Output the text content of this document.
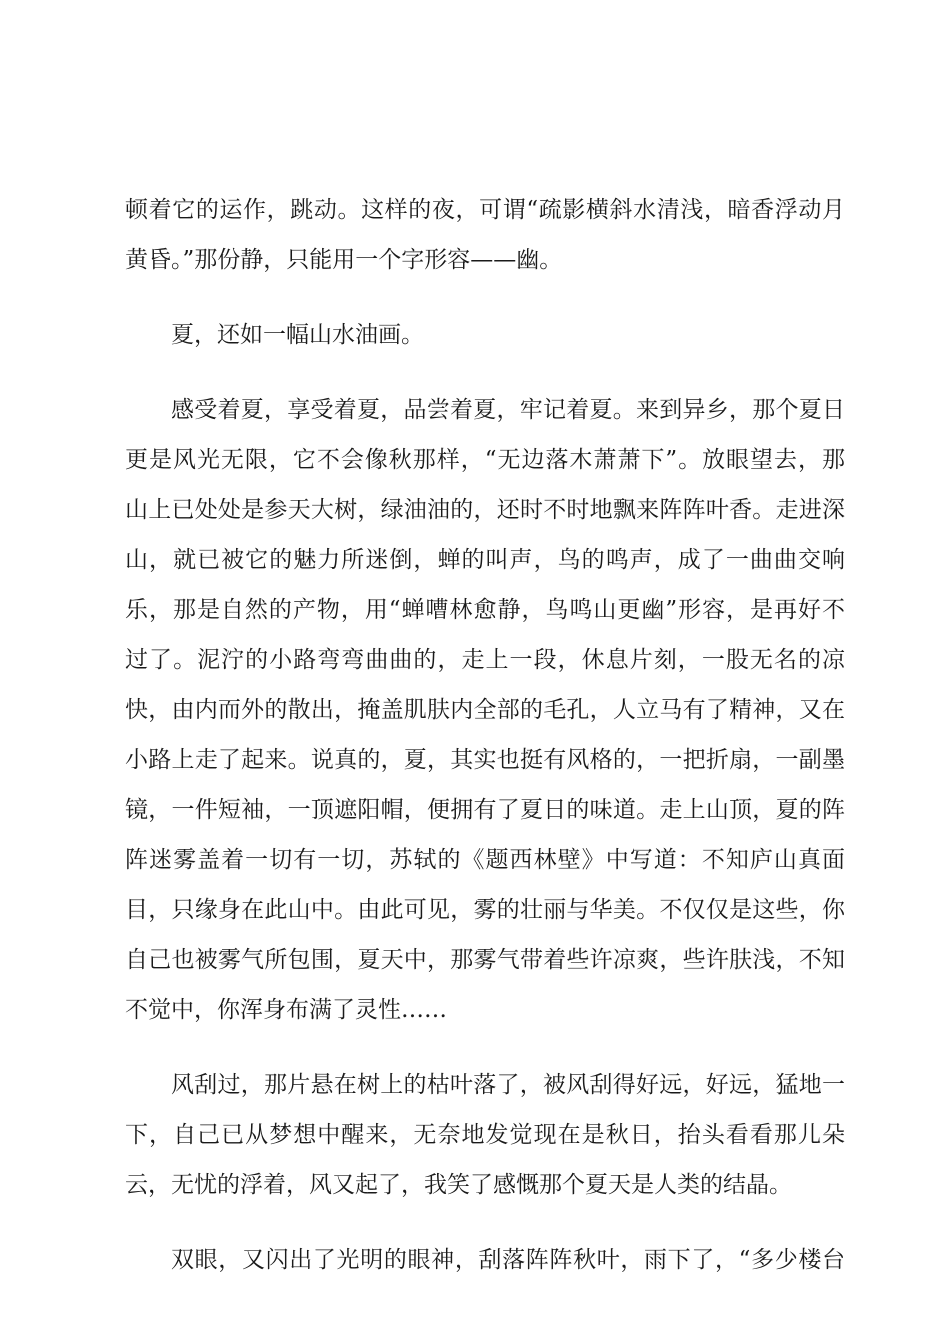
顿着它的运作，跳动。这样的夜，可谓“疏影横斜水清浅，暗香浮动月
黄昏。”那份静，只能用一个字形容——幽。
夏，还如一幅山水油画。
感受着夏，享受着夏，品尝着夏，牢记着夏。来到异乡，那个夏日
更是风光无限，它不会像秋那样，“无边落木萧萧下”。放眼望去，那
山上已处处是参天大树，绿油油的，还时不时地飘来阵阵叶香。走进深
山，就已被它的魅力所迷倒，蝉的叫声，鸟的鸣声，成了一曲曲交响
乐，那是自然的产物，用“蝉嘈林愈静，鸟鸣山更幽”形容，是再好不
过了。泥泞的小路弯弯曲曲的，走上一段，休息片刻，一股无名的凉
快，由内而外的散出，掩盖肌肤内全部的毛孔，人立马有了精神，又在
小路上走了起来。说真的，夏，其实也挺有风格的，一把折扇，一副墨
镜，一件短袖，一顶遮阳帽，便拥有了夏日的味道。走上山顶，夏的阵
阵迷雾盖着一切有一切，苏轼的《题西林壁》中写道：不知庐山真面
目，只缘身在此山中。由此可见，雾的壮丽与华美。不仅仅是这些，你
自己也被雾气所包围，夏天中，那雾气带着些许凉爽，些许肤浅，不知
不觉中，你浑身布满了灵性……
风刮过，那片悬在树上的枯叶落了，被风刮得好远，好远，猛地一
下，自己已从梦想中醒来，无奈地发觉现在是秋日，抬头看看那儿朵
云，无忧的浮着，风又起了，我笑了感慨那个夏天是人类的结晶。
双眼，又闪出了光明的眼神，刮落阵阵秋叶，雨下了，“多少楼台
